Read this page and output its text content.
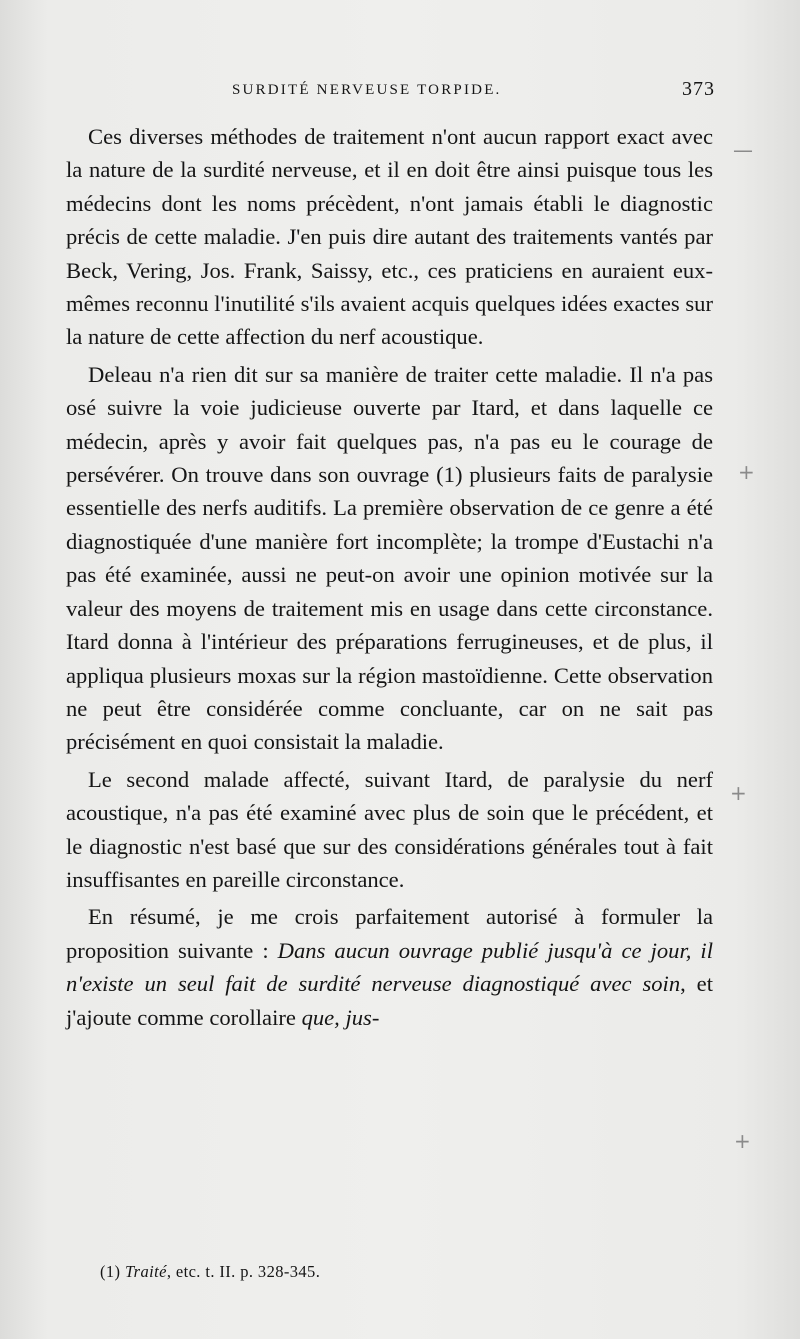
SURDITÉ NERVEUSE TORPIDE.	373

Ces diverses méthodes de traitement n'ont aucun rapport exact avec la nature de la surdité nerveuse, et il en doit être ainsi puisque tous les médecins dont les noms précèdent, n'ont jamais établi le diagnostic précis de cette maladie. J'en puis dire autant des traitements vantés par Beck, Vering, Jos. Frank, Saissy, etc., ces praticiens en auraient eux-mêmes reconnu l'inutilité s'ils avaient acquis quelques idées exactes sur la nature de cette affection du nerf acoustique.

Deleau n'a rien dit sur sa manière de traiter cette maladie. Il n'a pas osé suivre la voie judicieuse ouverte par Itard, et dans laquelle ce médecin, après y avoir fait quelques pas, n'a pas eu le courage de persévérer. On trouve dans son ouvrage (1) plusieurs faits de paralysie essentielle des nerfs auditifs. La première observation de ce genre a été diagnostiquée d'une manière fort incomplète; la trompe d'Eustachi n'a pas été examinée, aussi ne peut-on avoir une opinion motivée sur la valeur des moyens de traitement mis en usage dans cette circonstance. Itard donna à l'intérieur des préparations ferrugineuses, et de plus, il appliqua plusieurs moxas sur la région mastoïdienne. Cette observation ne peut être considérée comme concluante, car on ne sait pas précisément en quoi consistait la maladie.

Le second malade affecté, suivant Itard, de paralysie du nerf acoustique, n'a pas été examiné avec plus de soin que le précédent, et le diagnostic n'est basé que sur des considérations générales tout à fait insuffisantes en pareille circonstance.

En résumé, je me crois parfaitement autorisé à formuler la proposition suivante : Dans aucun ouvrage publié jusqu'à ce jour, il n'existe un seul fait de surdité nerveuse diagnostiqué avec soin, et j'ajoute comme corollaire que, jus-

(1) Traité, etc. t. II. p. 328-345.
—
+
+
+
